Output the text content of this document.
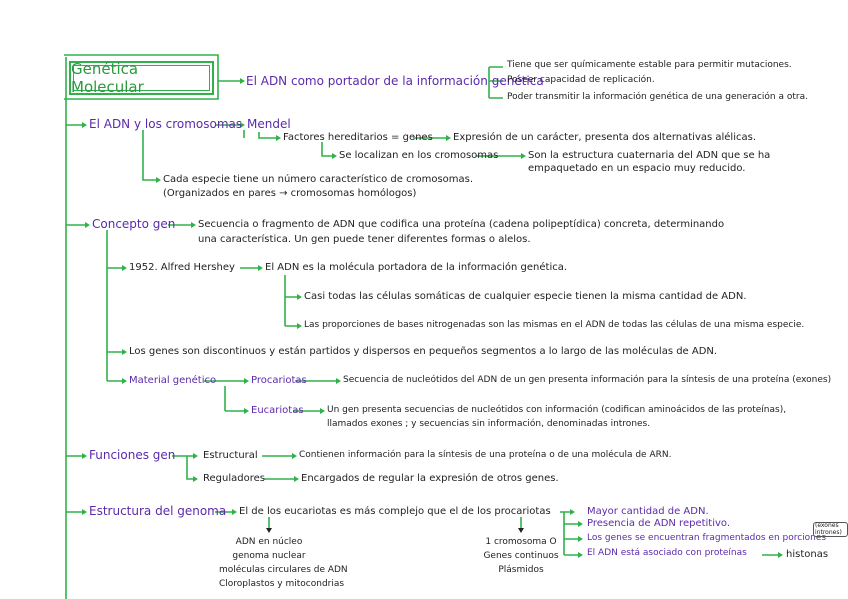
Genética Molecular	El ADN como portador de la información genética
Tiene que ser químicamente estable para permitir mutaciones.
Poseer capacidad de replicación.
Poder transmitir la información genética de una generación a otra.
El ADN y los cromosomas Mendel
Factores hereditarios = genes Expresión de un carácter, presenta dos alternativas alélicas.
Se localizan en los cromosomas	Son la estructura cuaternaria del ADN que se ha
empaquetado en un espacio muy reducido.
Cada especie tiene un número característico de cromosomas.
(Organizados en pares → cromosomas homólogos)
Concepto gen Secuencia o fragmento de ADN que codifica una proteína (cadena polipeptídica) concreta, determinando
una característica. Un gen puede tener diferentes formas o alelos.
1952. Alfred Hershey	El ADN es la molécula portadora de la información genética.
Casi todas las células somáticas de cualquier especie tienen la misma cantidad de ADN.
Las proporciones de bases nitrogenadas son las mismas en el ADN de todas las células de una misma especie.
Los genes son discontinuos y están partidos y dispersos en pequeños segmentos a lo largo de las moléculas de ADN.
Material genético	Procariotas	Secuencia de nucleótidos del ADN de un gen presenta información para la síntesis de una proteína (exones)
Eucariotas	Un gen presenta secuencias de nucleótidos con información (codifican aminoácidos de las proteínas),
llamados exones ; y secuencias sin información, denominadas intrones.
Funciones gen	Estructural	Contienen información para la síntesis de una proteína o de una molécula de ARN.
Reguladores	Encargados de regular la expresión de otros genes.
Estructura del genoma El de los eucariotas es más complejo que el de los procariotas
ADN en núcleo
genoma nuclear
moléculas circulares de ADN
Cloroplastos y mitocondrias
1 cromosoma O
Genes continuos
Plásmidos
Mayor cantidad de ADN.
Presencia de ADN repetitivo.
Los genes se encuentran fragmentados en porciones
(exones intrones)
El ADN está asociado con proteínas	histonas
